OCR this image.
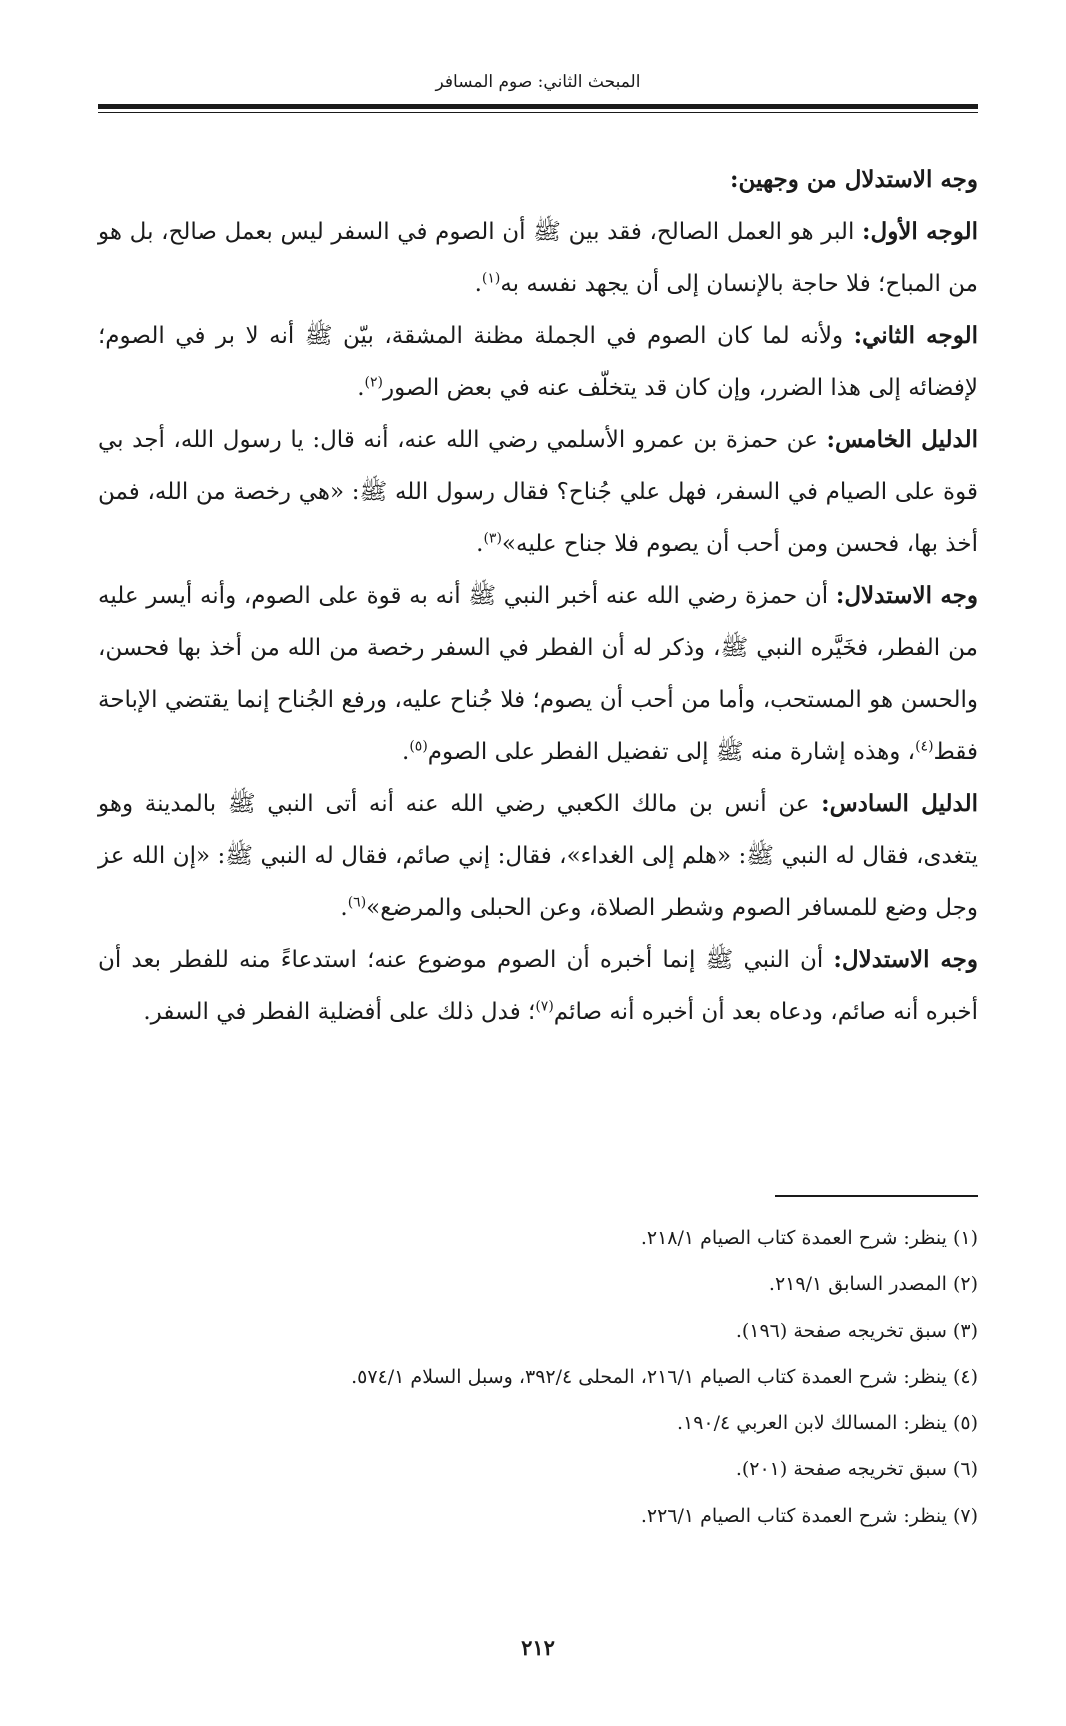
المبحث الثاني: صوم المسافر

وجه الاستدلال من وجهين:

الوجه الأول: البر هو العمل الصالح، فقد بين ﷺ أن الصوم في السفر ليس بعمل صالح، بل هو من المباح؛ فلا حاجة بالإنسان إلى أن يجهد نفسه به$^{(١)}$.

الوجه الثاني: ولأنه لما كان الصوم في الجملة مظنة المشقة، بيّن ﷺ أنه لا بر في الصوم؛ لإفضائه إلى هذا الضرر، وإن كان قد يتخلّف عنه في بعض الصور$^{(٢)}$.

الدليل الخامس: عن حمزة بن عمرو الأسلمي رضي الله عنه، أنه قال: يا رسول الله، أجد بي قوة على الصيام في السفر، فهل علي جُناح؟ فقال رسول الله ﷺ: «هي رخصة من الله، فمن أخذ بها، فحسن ومن أحب أن يصوم فلا جناح عليه»$^{(٣)}$.

وجه الاستدلال: أن حمزة رضي الله عنه أخبر النبي ﷺ أنه به قوة على الصوم، وأنه أيسر عليه من الفطر، فخَيَّره النبي ﷺ، وذكر له أن الفطر في السفر رخصة من الله من أخذ بها فحسن، والحسن هو المستحب، وأما من أحب أن يصوم؛ فلا جُناح عليه، ورفع الجُناح إنما يقتضي الإباحة فقط$^{(٤)}$، وهذه إشارة منه ﷺ إلى تفضيل الفطر على الصوم$^{(٥)}$.

الدليل السادس: عن أنس بن مالك الكعبي رضي الله عنه أنه أتى النبي ﷺ بالمدينة وهو يتغدى، فقال له النبي ﷺ: «هلم إلى الغداء»، فقال: إني صائم، فقال له النبي ﷺ: «إن الله عز وجل وضع للمسافر الصوم وشطر الصلاة، وعن الحبلى والمرضع»$^{(٦)}$.

وجه الاستدلال: أن النبي ﷺ إنما أخبره أن الصوم موضوع عنه؛ استدعاءً منه للفطر بعد أن أخبره أنه صائم، ودعاه بعد أن أخبره أنه صائم$^{(٧)}$؛ فدل ذلك على أفضلية الفطر في السفر.

(١) ينظر: شرح العمدة كتاب الصيام ٢١٨/١.

(٢) المصدر السابق ٢١٩/١.

(٣) سبق تخريجه صفحة (١٩٦).

(٤) ينظر: شرح العمدة كتاب الصيام ٢١٦/١، المحلى ٣٩٢/٤، وسبل السلام ٥٧٤/١.

(٥) ينظر: المسالك لابن العربي ١٩٠/٤.

(٦) سبق تخريجه صفحة (٢٠١).

(٧) ينظر: شرح العمدة كتاب الصيام ٢٢٦/١.

٢١٢
